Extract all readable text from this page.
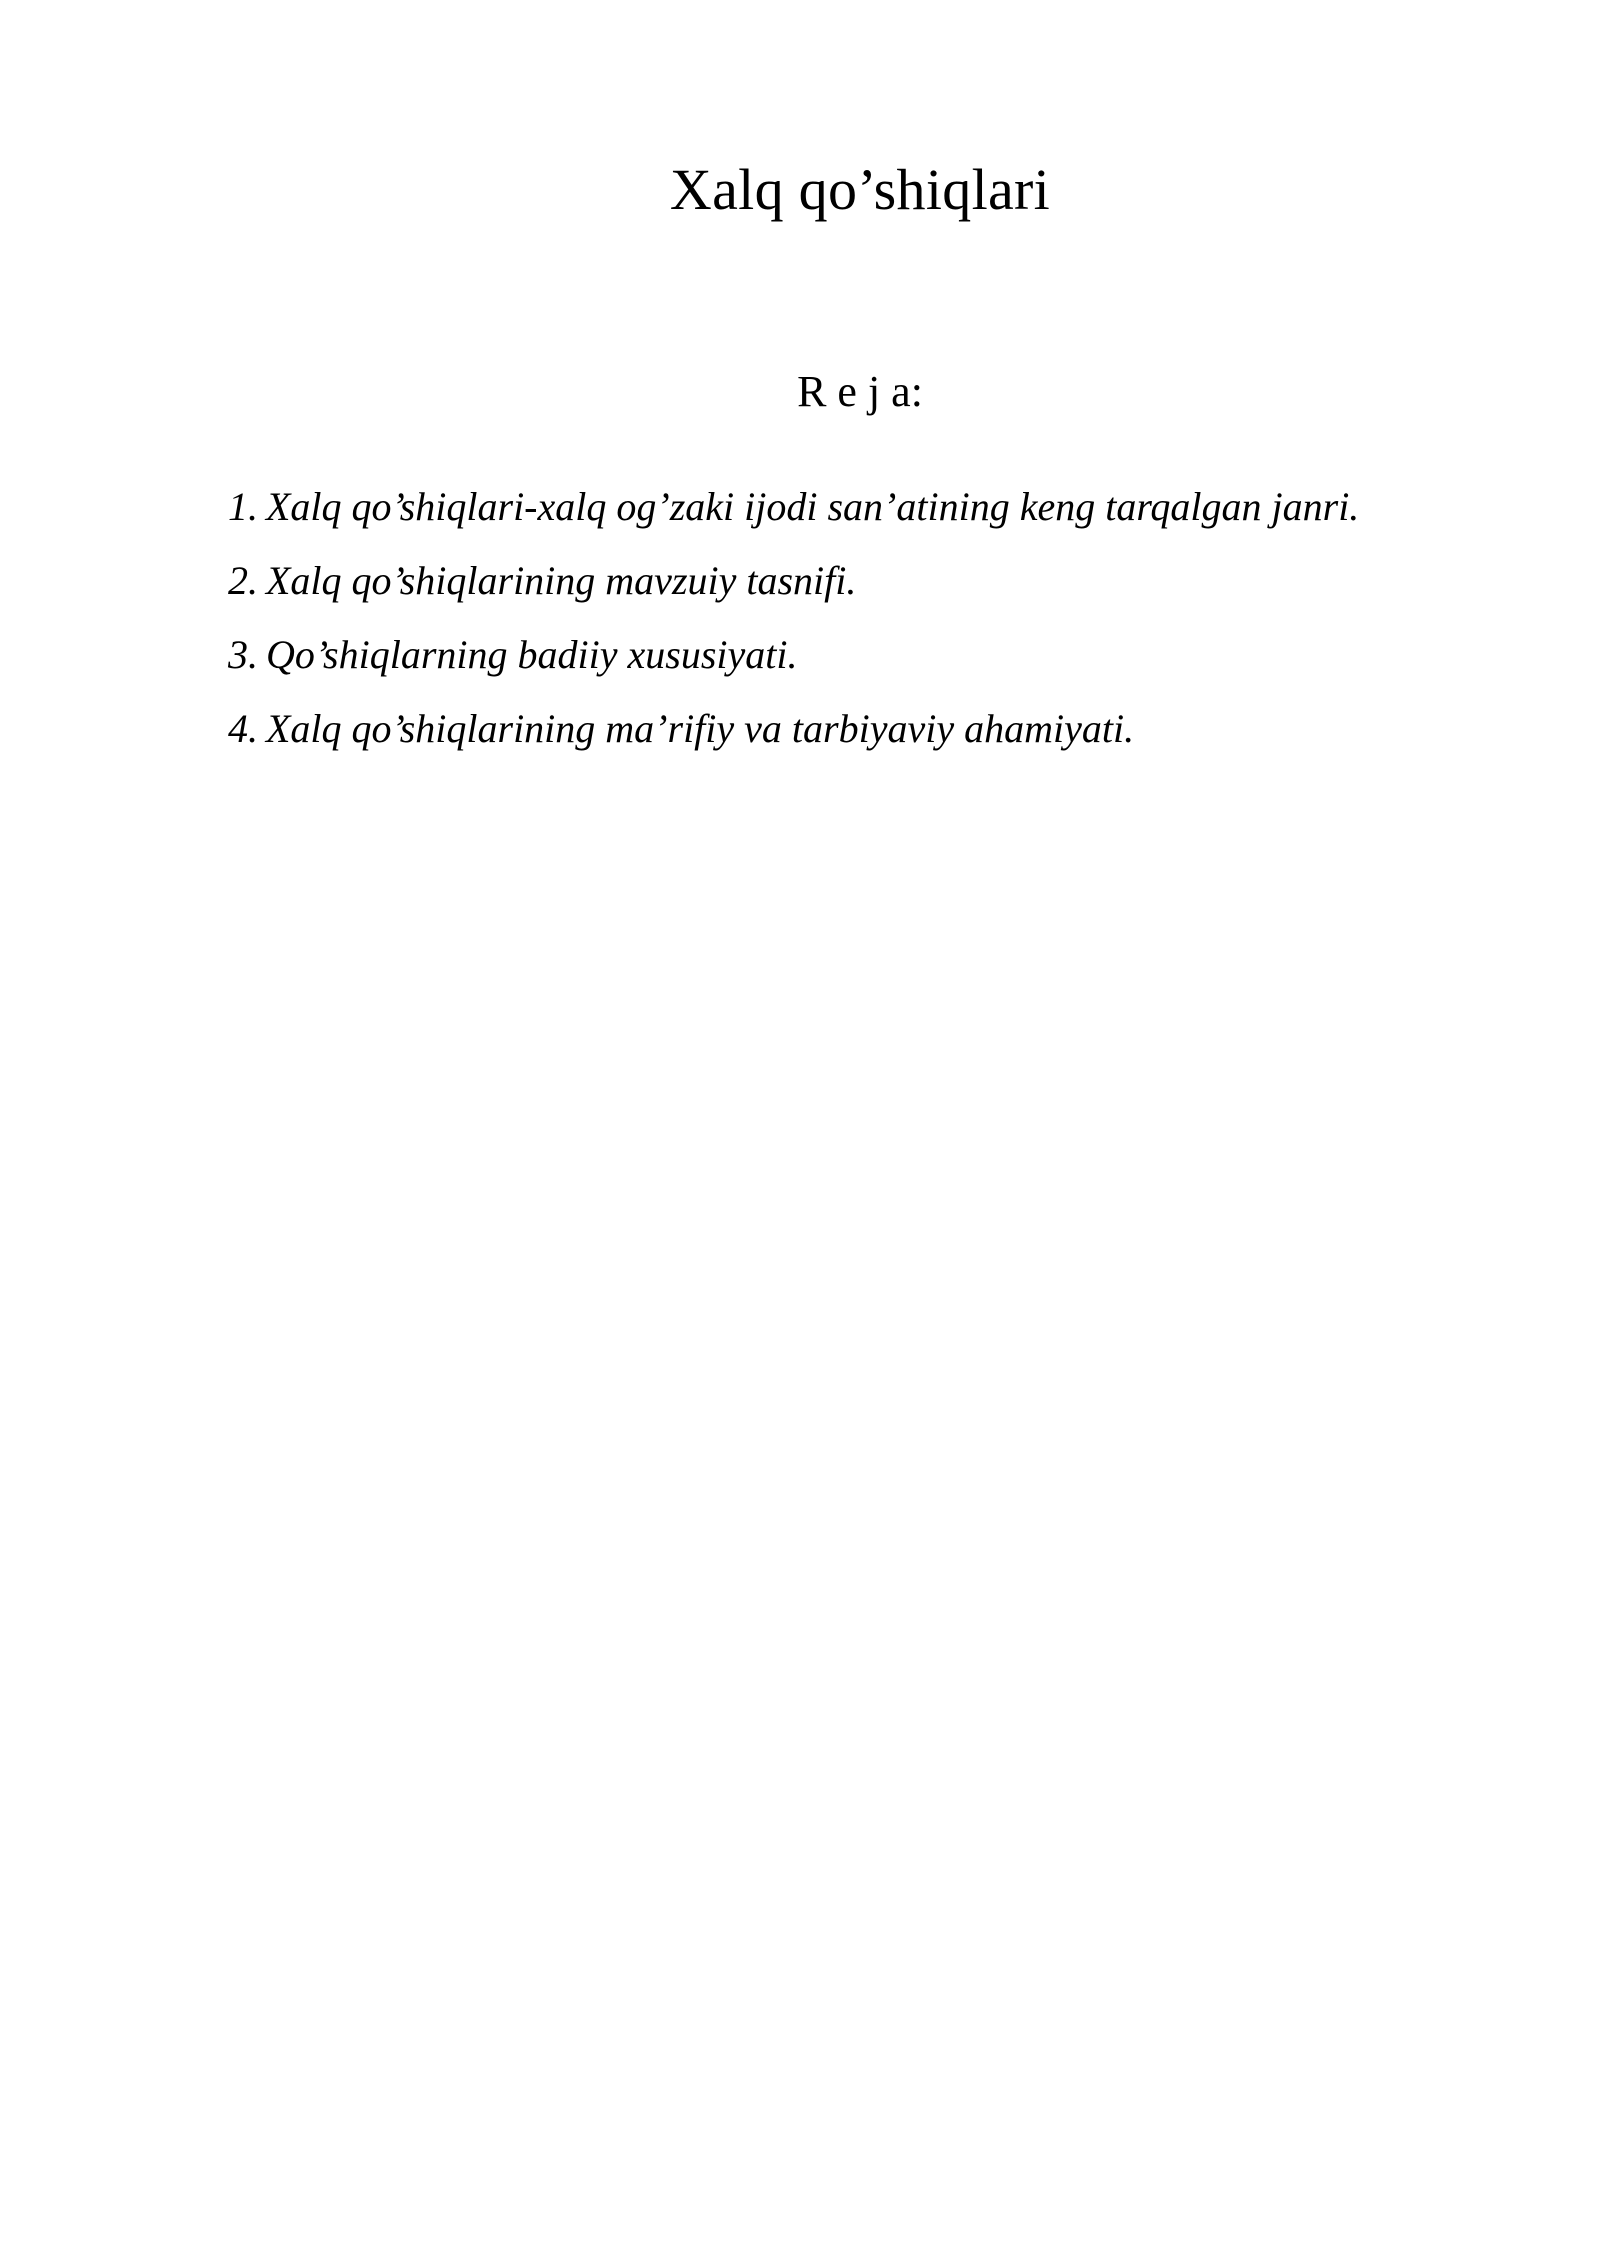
Xalq qo’shiqlari
R e j a:
1. Xalq qo’shiqlari-xalq og’zaki ijodi san’atining keng tarqalgan janri.
2. Xalq qo’shiqlarining mavzuiy tasnifi.
3. Qo’shiqlarning badiiy xususiyati.
4. Xalq qo’shiqlarining ma’rifiy va tarbiyaviy ahamiyati.
